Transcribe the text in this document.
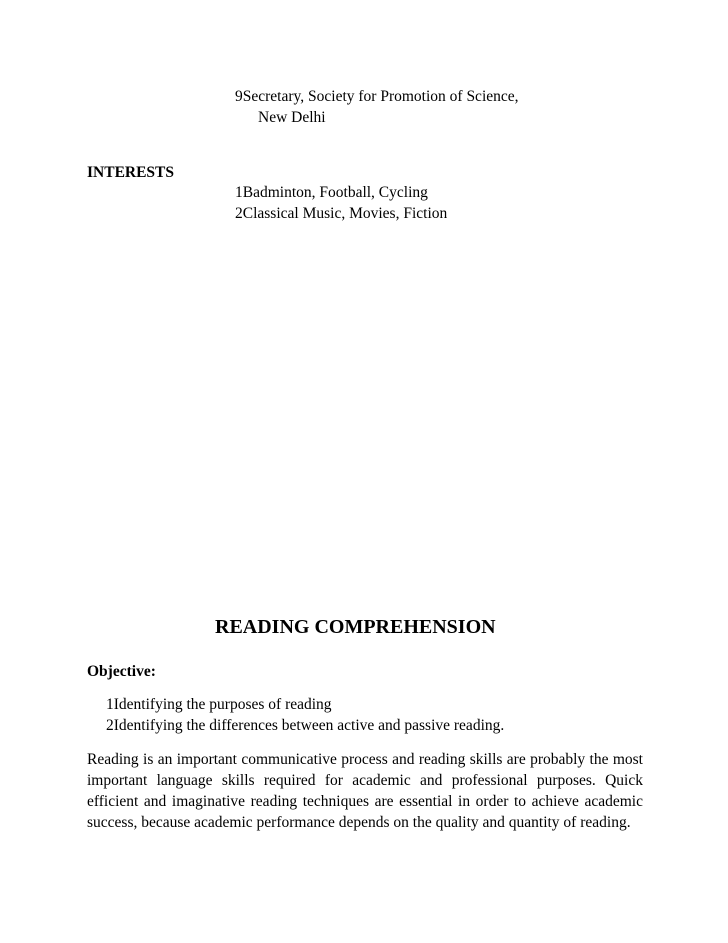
9Secretary, Society for Promotion of Science,
New Delhi
INTERESTS
1Badminton, Football, Cycling
2Classical Music, Movies, Fiction
READING COMPREHENSION
Objective:
1Identifying the purposes of reading
2Identifying the differences between active and passive reading.
Reading is an important communicative process and reading skills are probably the most important language skills required for academic and professional purposes. Quick efficient and imaginative reading techniques are essential in order to achieve academic success, because academic performance depends on the quality and quantity of reading.
